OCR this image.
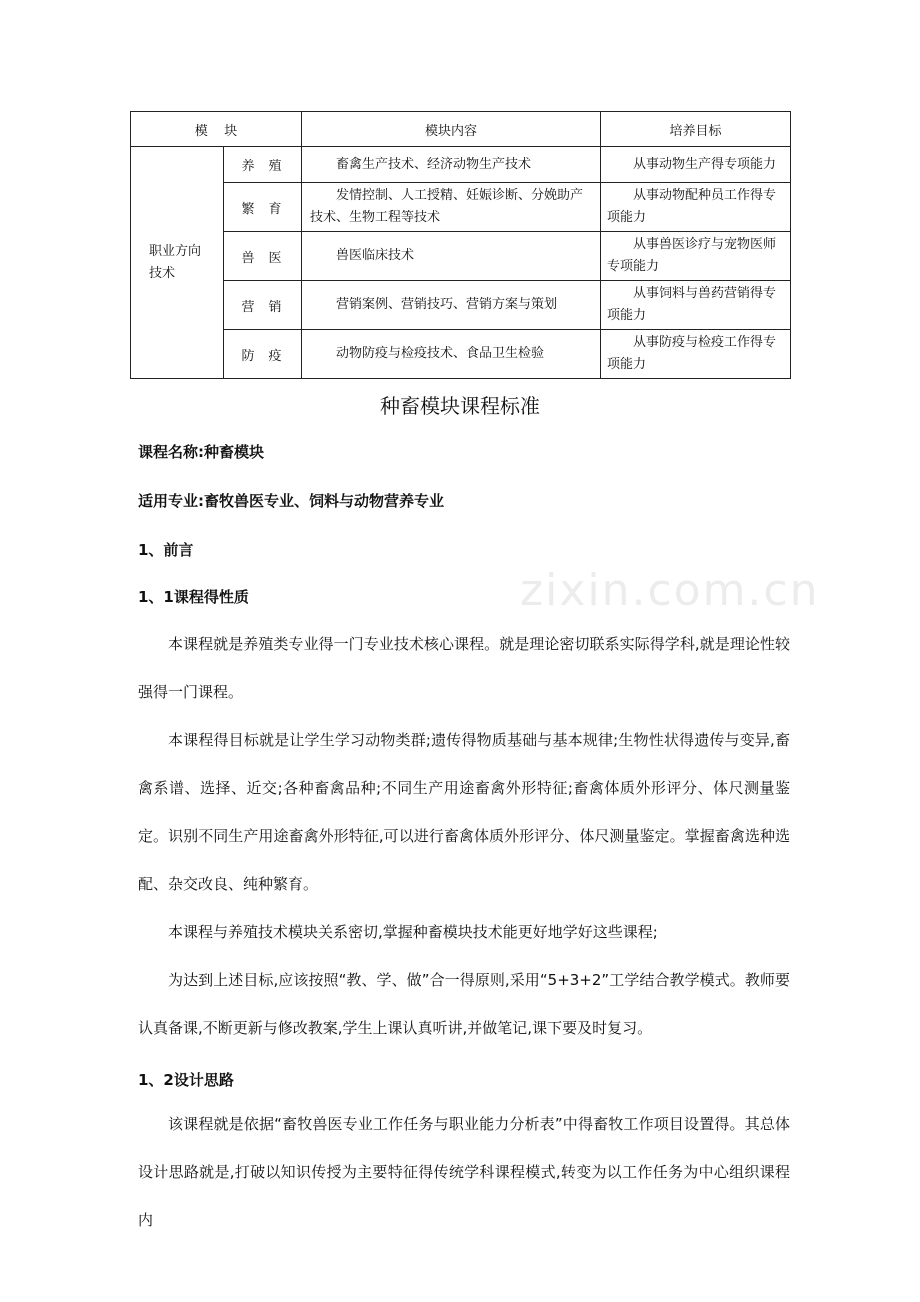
模    块		模块内容	培养目标
职业方向技术	养殖	畜禽生产技术、经济动物生产技术	从事动物生产得专项能力
	繁育	发情控制、人工授精、妊娠诊断、分娩助产技术、生物工程等技术	从事动物配种员工作得专项能力
	兽医	兽医临床技术	从事兽医诊疗与宠物医师专项能力
	营销	营销案例、营销技巧、营销方案与策划	从事饲料与兽药营销得专项能力
	防疫	动物防疫与检疫技术、食品卫生检验	从事防疫与检疫工作得专项能力
zixin.com.cn
种畜模块课程标准
课程名称:种畜模块
适用专业:畜牧兽医专业、饲料与动物营养专业
1、前言
1、1课程得性质
本课程就是养殖类专业得一门专业技术核心课程。就是理论密切联系实际得学科,就是理论性较强得一门课程。
本课程得目标就是让学生学习动物类群;遗传得物质基础与基本规律;生物性状得遗传与变异,畜禽系谱、选择、近交;各种畜禽品种;不同生产用途畜禽外形特征;畜禽体质外形评分、体尺测量鉴定。识别不同生产用途畜禽外形特征,可以进行畜禽体质外形评分、体尺测量鉴定。掌握畜禽选种选配、杂交改良、纯种繁育。
本课程与养殖技术模块关系密切,掌握种畜模块技术能更好地学好这些课程;
为达到上述目标,应该按照“教、学、做”合一得原则,采用“5+3+2”工学结合教学模式。教师要认真备课,不断更新与修改教案,学生上课认真听讲,并做笔记,课下要及时复习。
1、2设计思路
该课程就是依据“畜牧兽医专业工作任务与职业能力分析表”中得畜牧工作项目设置得。其总体设计思路就是,打破以知识传授为主要特征得传统学科课程模式,转变为以工作任务为中心组织课程内
